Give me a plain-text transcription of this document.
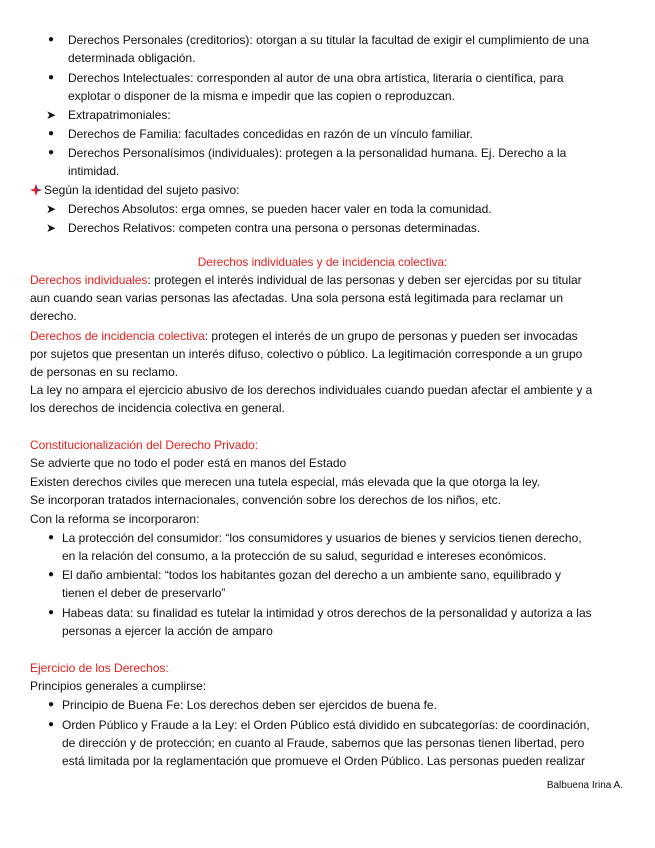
● Derechos Personales (creditorios): otorgan a su titular la facultad de exigir el cumplimiento de una
determinada obligación.
● Derechos Intelectuales: corresponden al autor de una obra artística, literaria o científica, para
explotar o disponer de la misma e impedir que las copien o reproduzcan.
➤ Extrapatrimoniales:
● Derechos de Familia: facultades concedidas en razón de un vínculo familiar.
● Derechos Personalísimos (individuales): protegen a la personalidad humana. Ej. Derecho a la
intimidad.
Según la identidad del sujeto pasivo:
➤ Derechos Absolutos: erga omnes, se pueden hacer valer en toda la comunidad.
➤ Derechos Relativos: competen contra una persona o personas determinadas.
Derechos individuales y de incidencia colectiva:
Derechos individuales: protegen el interés individual de las personas y deben ser ejercidas por su titular
aun cuando sean varias personas las afectadas. Una sola persona está legitimada para reclamar un
derecho.
Derechos de incidencia colectiva: protegen el interés de un grupo de personas y pueden ser invocadas
por sujetos que presentan un interés difuso, colectivo o público. La legitimación corresponde a un grupo
de personas en su reclamo.
La ley no ampara el ejercicio abusivo de los derechos individuales cuando puedan afectar el ambiente y a
los derechos de incidencia colectiva en general.
Constitucionalización del Derecho Privado:
Se advierte que no todo el poder está en manos del Estado
Existen derechos civiles que merecen una tutela especial, más elevada que la que otorga la ley.
Se incorporan tratados internacionales, convención sobre los derechos de los niños, etc.
Con la reforma se incorporaron:
● La protección del consumidor: “los consumidores y usuarios de bienes y servicios tienen derecho,
en la relación del consumo, a la protección de su salud, seguridad e intereses económicos.
● El daño ambiental: “todos los habitantes gozan del derecho a un ambiente sano, equilibrado y
tienen el deber de preservarlo”
● Habeas data: su finalidad es tutelar la intimidad y otros derechos de la personalidad y autoriza a las
personas a ejercer la acción de amparo
Ejercicio de los Derechos:
Principios generales a cumplirse:
● Principio de Buena Fe: Los derechos deben ser ejercidos de buena fe.
● Orden Público y Fraude a la Ley: el Orden Público está dividido en subcategorías: de coordinación,
de dirección y de protección; en cuanto al Fraude, sabemos que las personas tienen libertad, pero
está limitada por la reglamentación que promueve el Orden Público. Las personas pueden realizar
Balbuena Irina A.
